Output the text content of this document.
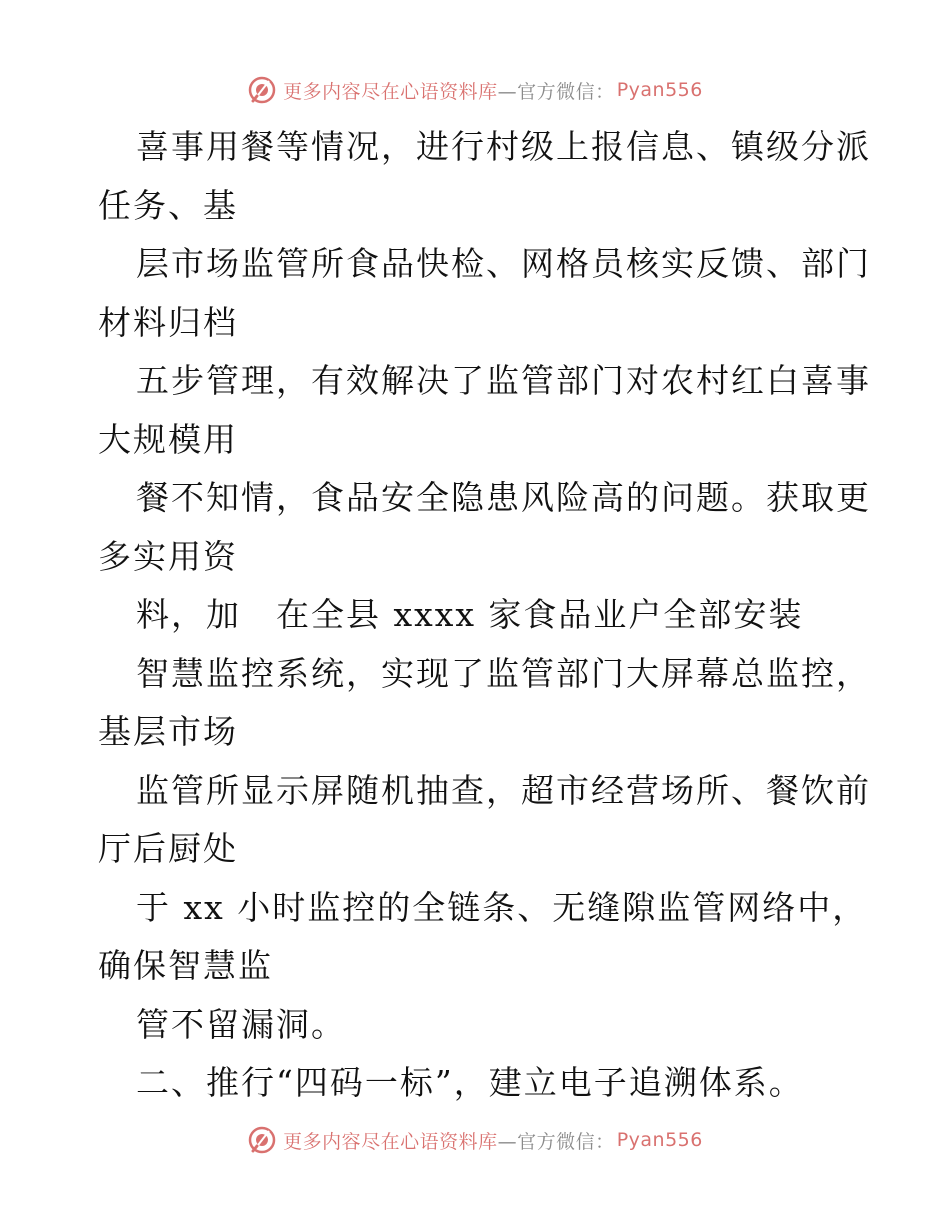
更多内容尽在心语资料库 —官方微信： Pyan556
喜事用餐等情况，进行村级上报信息、镇级分派
任务、基
层市场监管所食品快检、网格员核实反馈、部门
材料归档
五步管理，有效解决了监管部门对农村红白喜事
大规模用
餐不知情，食品安全隐患风险高的问题。获取更
多实用资
料，加　在全县 xxxx 家食品业户全部安装
智慧监控系统，实现了监管部门大屏幕总监控，
基层市场
监管所显示屏随机抽查，超市经营场所、餐饮前
厅后厨处
于 xx 小时监控的全链条、无缝隙监管网络中，
确保智慧监
管不留漏洞。
二、推行“四码一标”，建立电子追溯体系。
更多内容尽在心语资料库 —官方微信： Pyan556
